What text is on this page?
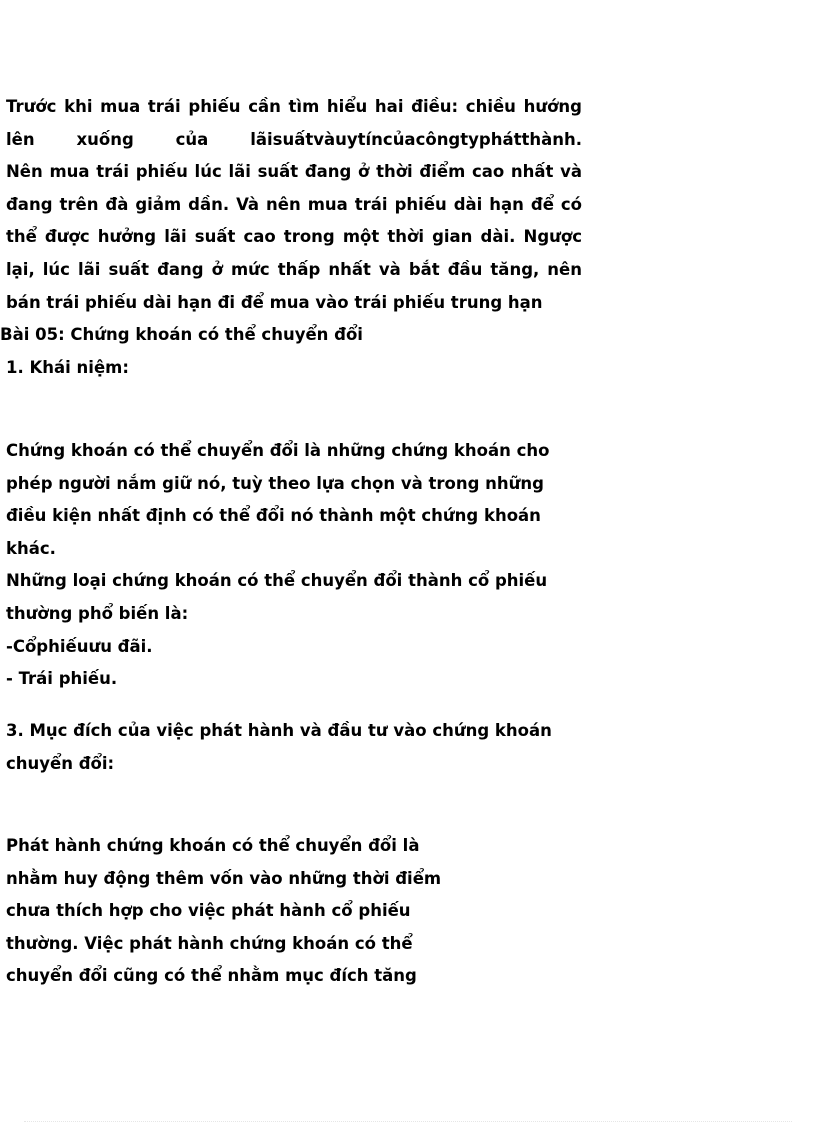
Trước khi mua trái phiếu cần tìm hiểu hai điều: chiều hướng
lên xuống của lãisuấtvàuytíncủacôngtyphátthành.
Nên mua trái phiếu lúc lãi suất đang ở thời điểm cao nhất và
đang trên đà giảm dần. Và nên mua trái phiếu dài hạn để có
thể được hưởng lãi suất cao trong một thời gian dài. Ngược
lại, lúc lãi suất đang ở mức thấp nhất và bắt đầu tăng, nên
bán trái phiếu dài hạn đi để mua vào trái phiếu trung hạn
Bài 05: Chứng khoán có thể chuyển đổi
1. Khái niệm:
Chứng khoán có thể chuyển đổi là những chứng khoán cho
phép người nắm giữ nó, tuỳ theo lựa chọn và trong những
điều kiện nhất định có thể đổi nó thành một chứng khoán
khác.
Những loại chứng khoán có thể chuyển đổi thành cổ phiếu
thường phổ biến là:
-Cổphiếuưu đãi.
- Trái phiếu.
3. Mục đích của việc phát hành và đầu tư vào chứng khoán
chuyển đổi:
Phát hành chứng khoán có thể chuyển đổi là
nhằm huy động thêm vốn vào những thời điểm
chưa thích hợp cho việc phát hành cổ phiếu
thường. Việc phát hành chứng khoán có thể
chuyển đổi cũng có thể nhằm mục đích tăng
